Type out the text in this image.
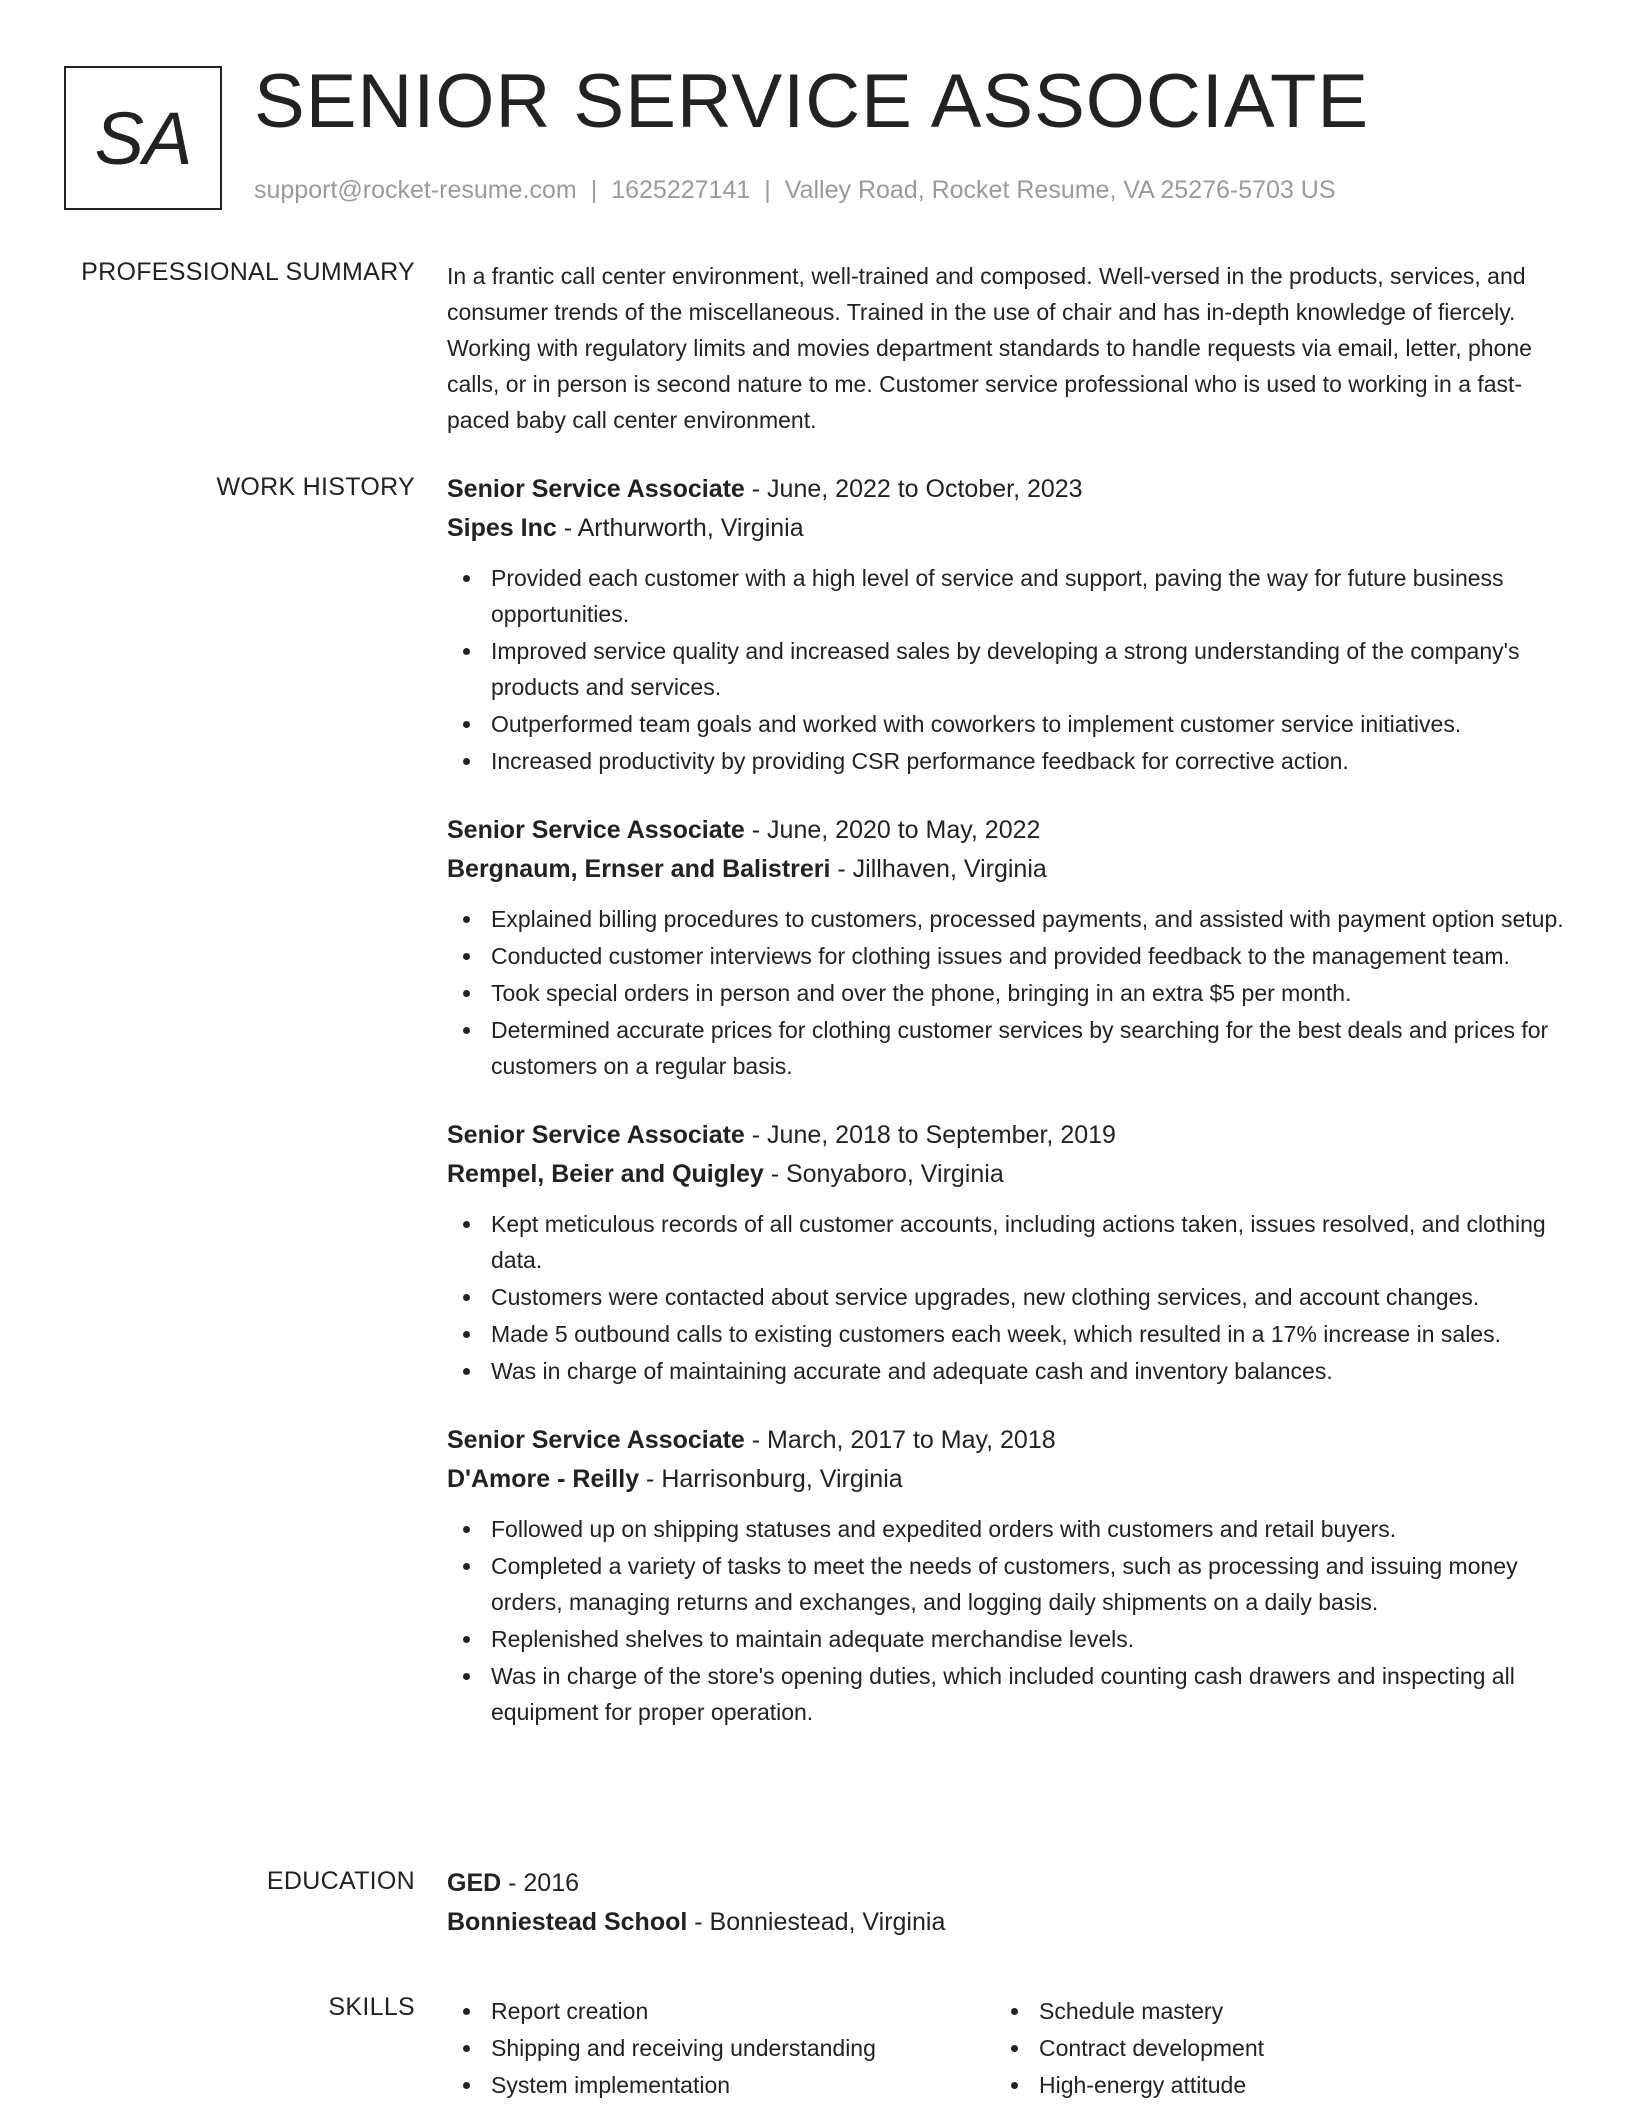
SA SENIOR SERVICE ASSOCIATE
support@rocket-resume.com | 1625227141 | Valley Road, Rocket Resume, VA 25276-5703 US
PROFESSIONAL SUMMARY In a frantic call center environment, well-trained and composed. Well-versed in the products, services, and consumer trends of the miscellaneous. Trained in the use of chair and has in-depth knowledge of fiercely. Working with regulatory limits and movies department standards to handle requests via email, letter, phone calls, or in person is second nature to me. Customer service professional who is used to working in a fast-paced baby call center environment.
WORK HISTORY Senior Service Associate - June, 2022 to October, 2023
Sipes Inc - Arthurworth, Virginia
Provided each customer with a high level of service and support, paving the way for future business opportunities.
Improved service quality and increased sales by developing a strong understanding of the company's products and services.
Outperformed team goals and worked with coworkers to implement customer service initiatives.
Increased productivity by providing CSR performance feedback for corrective action.
Senior Service Associate - June, 2020 to May, 2022
Bergnaum, Ernser and Balistreri - Jillhaven, Virginia
Explained billing procedures to customers, processed payments, and assisted with payment option setup.
Conducted customer interviews for clothing issues and provided feedback to the management team.
Took special orders in person and over the phone, bringing in an extra $5 per month.
Determined accurate prices for clothing customer services by searching for the best deals and prices for customers on a regular basis.
Senior Service Associate - June, 2018 to September, 2019
Rempel, Beier and Quigley - Sonyaboro, Virginia
Kept meticulous records of all customer accounts, including actions taken, issues resolved, and clothing data.
Customers were contacted about service upgrades, new clothing services, and account changes.
Made 5 outbound calls to existing customers each week, which resulted in a 17% increase in sales.
Was in charge of maintaining accurate and adequate cash and inventory balances.
Senior Service Associate - March, 2017 to May, 2018
D'Amore - Reilly - Harrisonburg, Virginia
Followed up on shipping statuses and expedited orders with customers and retail buyers.
Completed a variety of tasks to meet the needs of customers, such as processing and issuing money orders, managing returns and exchanges, and logging daily shipments on a daily basis.
Replenished shelves to maintain adequate merchandise levels.
Was in charge of the store's opening duties, which included counting cash drawers and inspecting all equipment for proper operation.
EDUCATION GED - 2016
Bonniestead School - Bonniestead, Virginia
SKILLS	Report creation
Shipping and receiving understanding
System implementation
Schedule mastery
Contract development
High-energy attitude
